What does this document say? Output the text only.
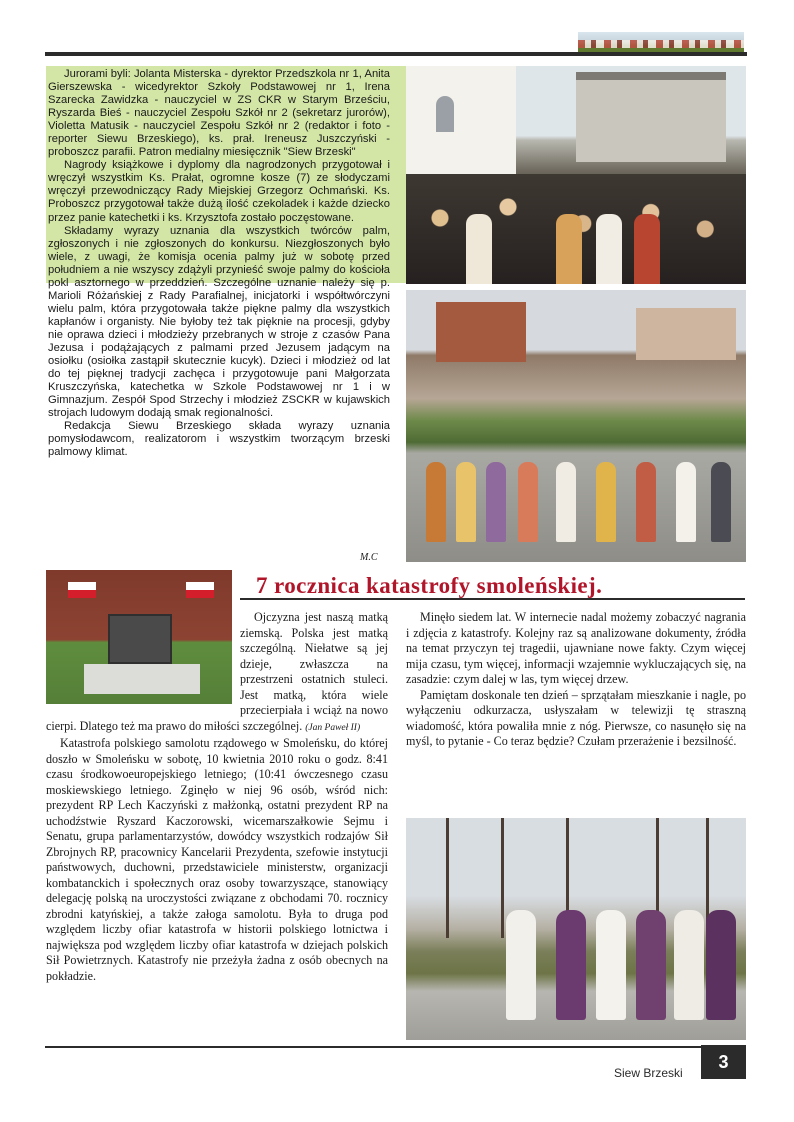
Jurorami byli: Jolanta Misterska - dyrektor Przedszkola nr 1, Anita Gierszewska - wicedyrektor Szkoły Podstawowej nr 1, Irena Szarecka Zawidzka - nauczyciel w ZS CKR w Starym Brześciu, Ryszarda Bieś - nauczyciel Zespołu Szkół nr 2 (sekretarz jurorów), Violetta Matusik - nauczyciel Zespołu Szkół nr 2 (redaktor i foto - reporter Siewu Brzeskiego), ks. prał. Ireneusz Juszczyński - proboszcz parafii. Patron medialny miesięcznik "Siew Brzeski"

Nagrody książkowe i dyplomy dla nagrodzonych przygotował i wręczył wszystkim Ks. Prałat, ogromne kosze (7) ze słodyczami wręczył przewodniczący Rady Miejskiej Grzegorz Ochmański. Ks. Proboszcz przygotował także dużą ilość czekoladek i każde dziecko przez panie katechetki i ks. Krzysztofa zostało poczęstowane.

Składamy wyrazy uznania dla wszystkich twórców palm, zgłoszonych i nie zgłoszonych do konkursu. Niezgłoszonych było wiele, z uwagi, że komisja ocenia palmy już w sobotę przed południem a nie wszyscy zdążyli przynieść swoje palmy do kościoła pokl asztornego w przeddzień. Szczególne uznanie należy się p. Marioli Różańskiej z Rady Parafialnej, inicjatorki i współtwórczyni wielu palm, która przygotowała także piękne palmy dla wszystkich kapłanów i organisty. Nie byłoby też tak pięknie na procesji, gdyby nie oprawa dzieci i młodzieży przebranych w stroje z czasów Pana Jezusa i podążających z palmami przed Jezusem jadącym na osiołku (osiołka zastąpił skutecznie kucyk). Dzieci i młodzież od lat do tej pięknej tradycji zachęca i przygotowuje pani Małgorzata Kruszczyńska, katechetka w Szkole Podstawowej nr 1 i w Gimnazjum. Zespół Spod Strzechy i młodzież ZSCKR w kujawskich strojach ludowym dodają smak regionalności.

Redakcja Siewu Brzeskiego składa wyrazy uznania pomysłodawcom, realizatorom i wszystkim tworzącym brzeski palmowy klimat.

M.C
7 rocznica katastrofy smoleńskiej.

Ojczyzna jest naszą matką ziemską. Polska jest matką szczególną. Niełatwe są jej dzieje, zwłaszcza na przestrzeni ostatnich stuleci. Jest matką, która wiele przecierpiała i wciąż na nowo cierpi. Dlatego też ma prawo do miłości szczególnej. (Jan Paweł II)

Katastrofa polskiego samolotu rządowego w Smoleńsku, do której doszło w Smoleńsku w sobotę, 10 kwietnia 2010 roku o godz. 8:41 czasu środkowoeuropejskiego letniego; (10:41 ówczesnego czasu moskiewskiego letniego. Zginęło w niej 96 osób, wśród nich: prezydent RP Lech Kaczyński z małżonką, ostatni prezydent RP na uchodźstwie Ryszard Kaczorowski, wicemarszałkowie Sejmu i Senatu, grupa parlamentarzystów, dowódcy wszystkich rodzajów Sił Zbrojnych RP, pracownicy Kancelarii Prezydenta, szefowie instytucji państwowych, duchowni, przedstawiciele ministerstw, organizacji kombatanckich i społecznych oraz osoby towarzyszące, stanowiący delegację polską na uroczystości związane z obchodami 70. rocznicy zbrodni katyńskiej, a także załoga samolotu. Była to druga pod względem liczby ofiar katastrofa w historii polskiego lotnictwa i największa pod względem liczby ofiar katastrofa w dziejach polskich Sił Powietrznych. Katastrofy nie przeżyła żadna z osób obecnych na pokładzie.

Minęło siedem lat. W internecie nadal możemy zobaczyć nagrania i zdjęcia z katastrofy. Kolejny raz są analizowane dokumenty, źródła na temat przyczyn tej tragedii, ujawniane nowe fakty. Czym więcej mija czasu, tym więcej, informacji wzajemnie wykluczających się, na zasadzie: czym dalej w las, tym więcej drzew.

Pamiętam doskonale ten dzień – sprzątałam mieszkanie i nagle, po wyłączeniu odkurzacza, usłyszałam w telewizji tę straszną wiadomość, która powaliła mnie z nóg. Pierwsze, co nasunęło się na myśl, to pytanie - Co teraz będzie? Czułam przerażenie i bezsilność.

Siew Brzeski
3
